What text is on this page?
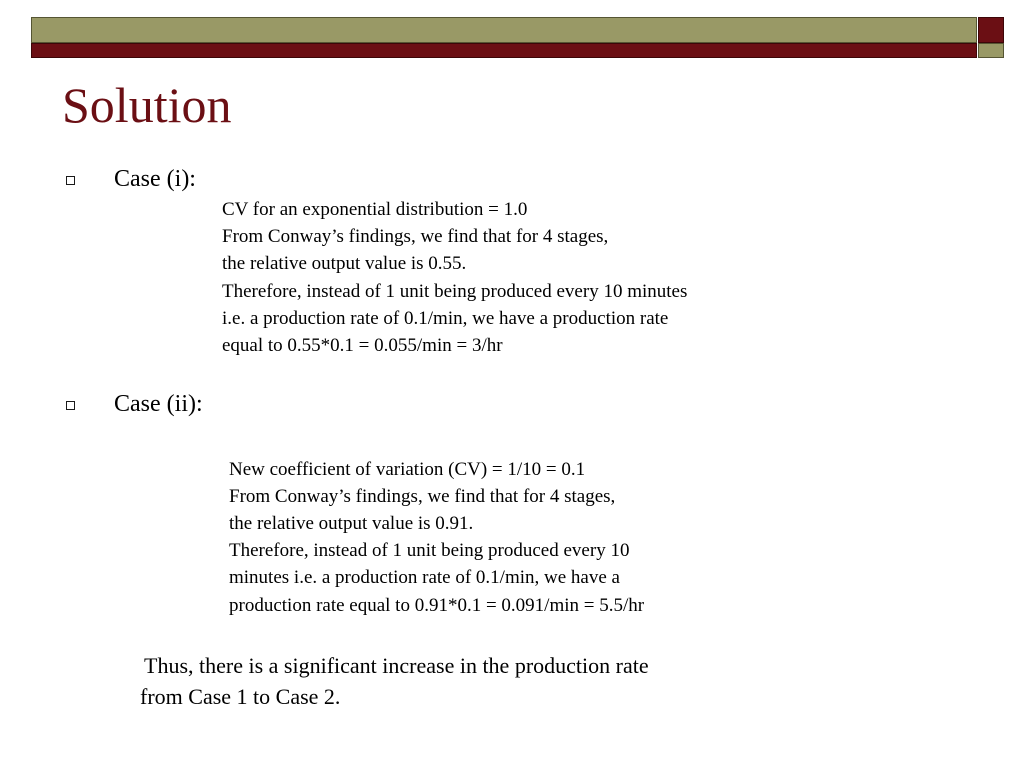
Solution
Case (i):
CV for an exponential distribution = 1.0
From Conway’s findings, we find that for 4 stages,
the relative output value is 0.55.
Therefore, instead of 1 unit being produced every 10 minutes
i.e. a production rate of 0.1/min, we have a production rate
equal to 0.55*0.1 = 0.055/min = 3/hr
Case (ii):
New coefficient of variation (CV) = 1/10 = 0.1
From Conway’s findings, we find that for 4 stages,
the relative output value is 0.91.
Therefore, instead of 1 unit being produced every 10
minutes i.e. a production rate of 0.1/min, we have a
production rate equal to 0.91*0.1 = 0.091/min = 5.5/hr
Thus, there is a significant increase in the production rate
from Case 1 to Case 2.
